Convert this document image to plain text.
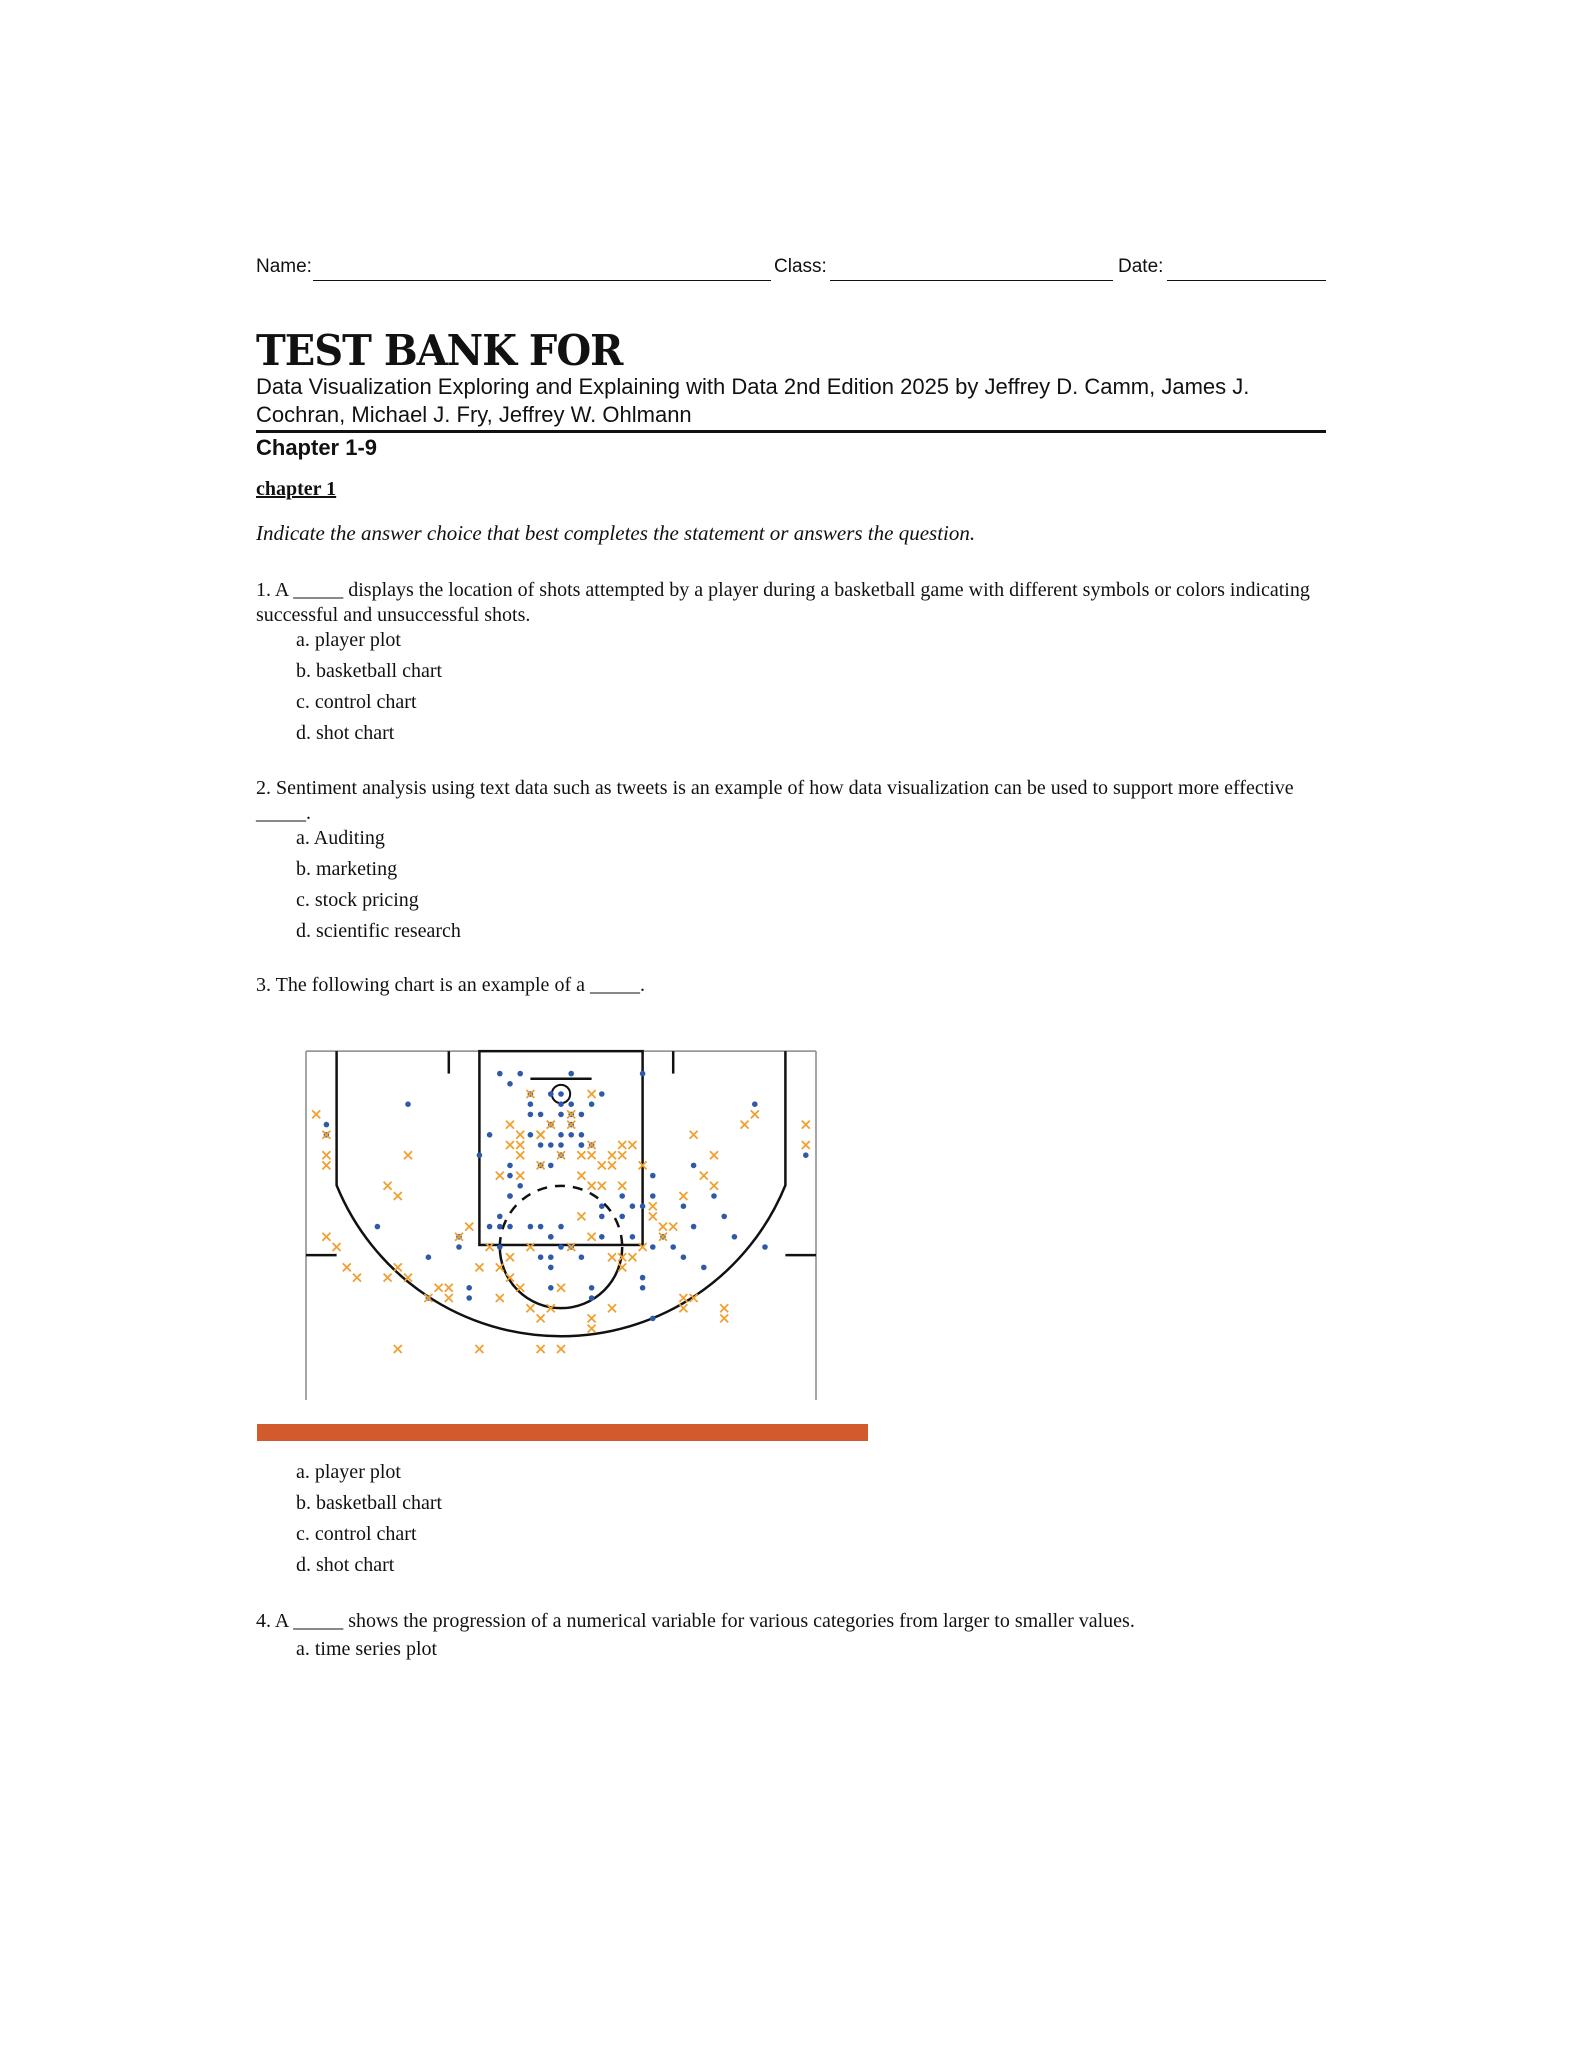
Name:	Class:	Date:
TEST BANK FOR
Data Visualization Exploring and Explaining with Data 2nd Edition 2025 by Jeffrey D. Camm, James J. Cochran, Michael J. Fry, Jeffrey W. Ohlmann
Chapter 1-9
chapter 1
Indicate the answer choice that best completes the statement or answers the question.
1. A _____ displays the location of shots attempted by a player during a basketball game with different symbols or colors indicating successful and unsuccessful shots.
a. player plot
b. basketball chart
c. control chart
d. shot chart
2. Sentiment analysis using text data such as tweets is an example of how data visualization can be used to support more effective _____.
a. Auditing
b. marketing
c. stock pricing
d. scientific research
3. The following chart is an example of a _____.
a. player plot
b. basketball chart
c. control chart
d. shot chart
4. A _____ shows the progression of a numerical variable for various categories from larger to smaller values.
a. time series plot
